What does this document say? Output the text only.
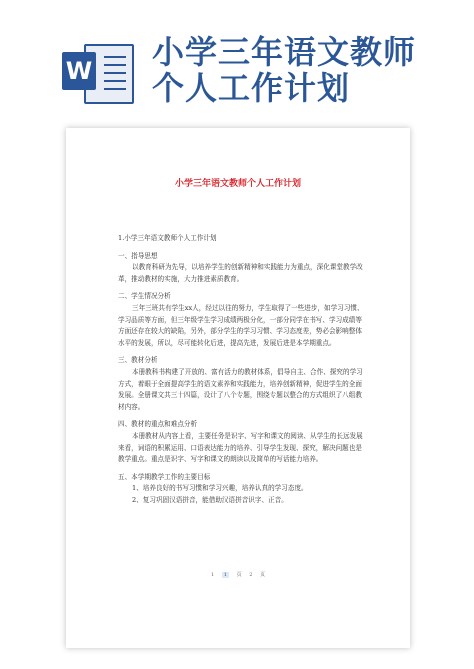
W 小学三年语文教师
个人工作计划
小学三年语文教师个人工作计划

1.小学三年语文教师个人工作计划

一、指导思想

以教育科研为先导，以培养学生的创新精神和实践能力为重点，深化课堂教学改革，推动教材的实施，大力推进素质教育。

二、学生情况分析

三年三班共有学生xx人，经过以往的努力，学生取得了一些进步，如学习习惯、学习品质等方面，但三年级学生学习成绩两极分化，一部分同学在书写、学习成绩等方面还存在较大的缺陷，另外，部分学生的学习习惯、学习态度差，势必会影响整体水平的发展，所以，尽可能转化后进，提高先进，发展后进是本学期重点。

三、教材分析

本册教科书构建了开放的、富有活力的教材体系，倡导自主、合作、探究的学习方式，着眼于全面提高学生的语文素养和实践能力，培养创新精神，促进学生的全面发展。全册课文共三十四篇，设计了八个专题，围绕专题以整合的方式组织了八组教材内容。

四、教材的重点和难点分析

本册教材从内容上看，主要任务是识字、写字和课文的阅读、从学生的长远发展来看，词语的积累运用、口语表达能力的培养、引导学生发现、探究，解决问题也是教学重点。重点是识字、写字和课文的朗读以及简单的写话能力培养。

五、本学期教学工作的主要目标

1、培养良好的书写习惯和学习兴趣，培养认真的学习态度。

2、复习巩固汉语拼音，能借助汉语拼音识字、正音。

1 1 页 2 页
